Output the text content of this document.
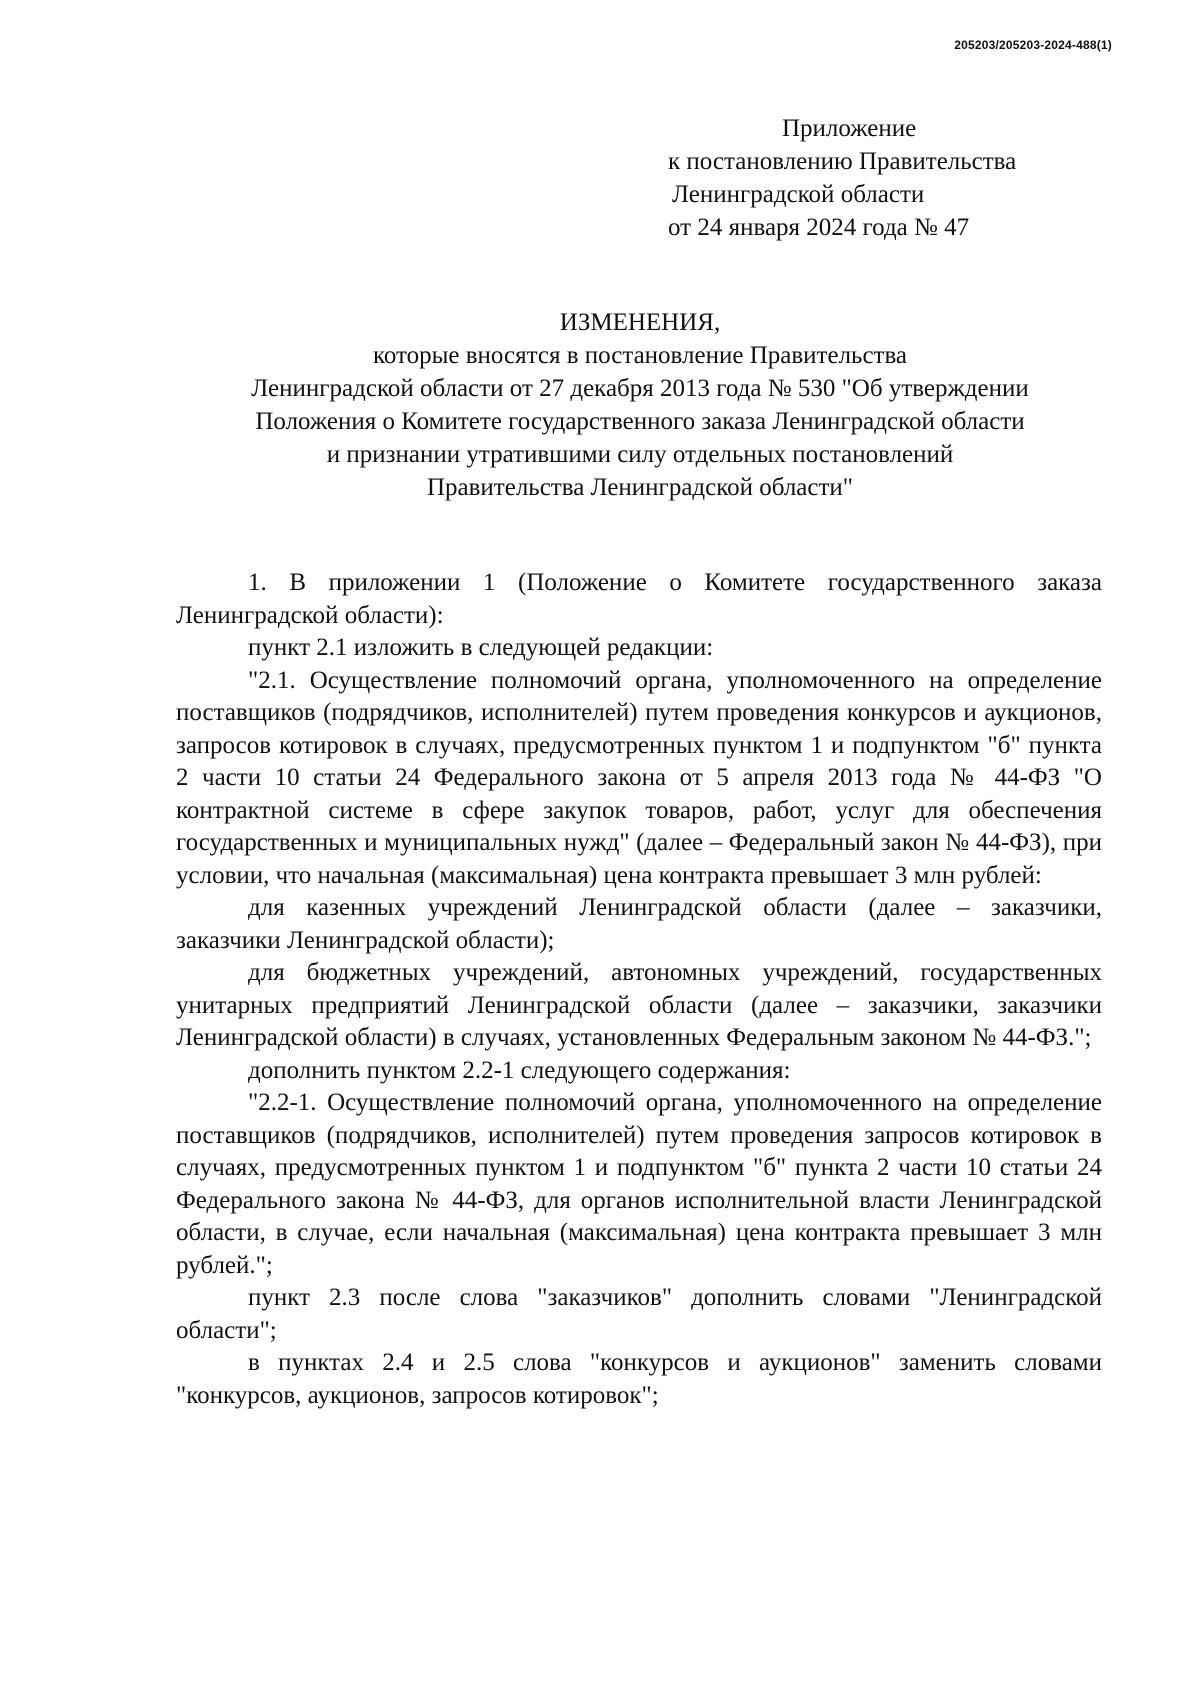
205203/205203-2024-488(1)
Приложение
к постановлению Правительства
Ленинградской области
от 24 января 2024 года № 47
ИЗМЕНЕНИЯ,
которые вносятся в постановление Правительства
Ленинградской области от 27 декабря 2013 года № 530 "Об утверждении
Положения о Комитете государственного заказа Ленинградской области
и признании утратившими силу отдельных постановлений
Правительства Ленинградской области"

1. В приложении 1 (Положение о Комитете государственного заказа Ленинградской области):

пункт 2.1 изложить в следующей редакции:

"2.1. Осуществление полномочий органа, уполномоченного на определение поставщиков (подрядчиков, исполнителей) путем проведения конкурсов и аукционов, запросов котировок в случаях, предусмотренных пунктом 1 и подпунктом "б" пункта 2 части 10 статьи 24 Федерального закона от 5 апреля 2013 года № 44-ФЗ "О контрактной системе в сфере закупок товаров, работ, услуг для обеспечения государственных и муниципальных нужд" (далее – Федеральный закон № 44-ФЗ), при условии, что начальная (максимальная) цена контракта превышает 3 млн рублей:

для казенных учреждений Ленинградской области (далее – заказчики, заказчики Ленинградской области);

для бюджетных учреждений, автономных учреждений, государственных унитарных предприятий Ленинградской области (далее – заказчики, заказчики Ленинградской области) в случаях, установленных Федеральным законом № 44-ФЗ.";

дополнить пунктом 2.2-1 следующего содержания:

"2.2-1. Осуществление полномочий органа, уполномоченного на определение поставщиков (подрядчиков, исполнителей) путем проведения запросов котировок в случаях, предусмотренных пунктом 1 и подпунктом "б" пункта 2 части 10 статьи 24 Федерального закона № 44-ФЗ, для органов исполнительной власти Ленинградской области, в случае, если начальная (максимальная) цена контракта превышает 3 млн рублей.";

пункт 2.3 после слова "заказчиков" дополнить словами "Ленинградской области";

в пунктах 2.4 и 2.5 слова "конкурсов и аукционов" заменить словами "конкурсов, аукционов, запросов котировок";
